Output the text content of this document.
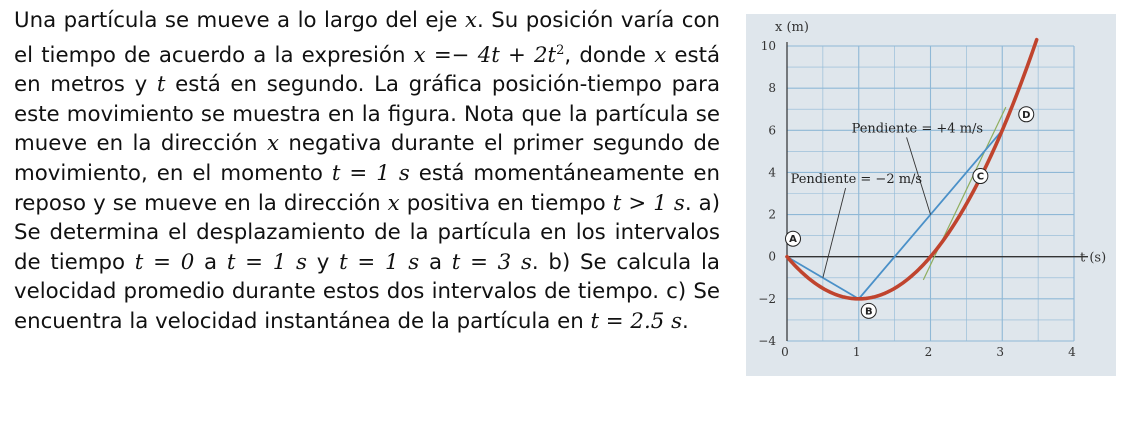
Una partícula se mueve a lo largo del eje x. Su posición varía con el tiempo de acuerdo a la expresión $x =- 4t + 2t^2$, donde x está en metros y t está en segundo. La gráfica posición-tiempo para este movimiento se muestra en la figura. Nota que la partícula se mueve en la dirección x negativa durante el primer segundo de movimiento, en el momento t = 1 s está momentáneamente en reposo y se mueve en la dirección x positiva en tiempo t > 1 s. a) Se determina el desplazamiento de la partícula en los intervalos de tiempo t = 0 a t = 1 s y t = 1 s a t = 3 s. b) Se calcula la velocidad promedio durante estos dos intervalos de tiempo. c) Se encuentra la velocidad instantánea de la partícula en t = 2.5 s.

0	1	2	3	4
−4
−2
0
2
4
6
8
10
x (m)
t (s)
Pendiente = +4 m/s
Pendiente = −2 m/s
A
B
C
D
